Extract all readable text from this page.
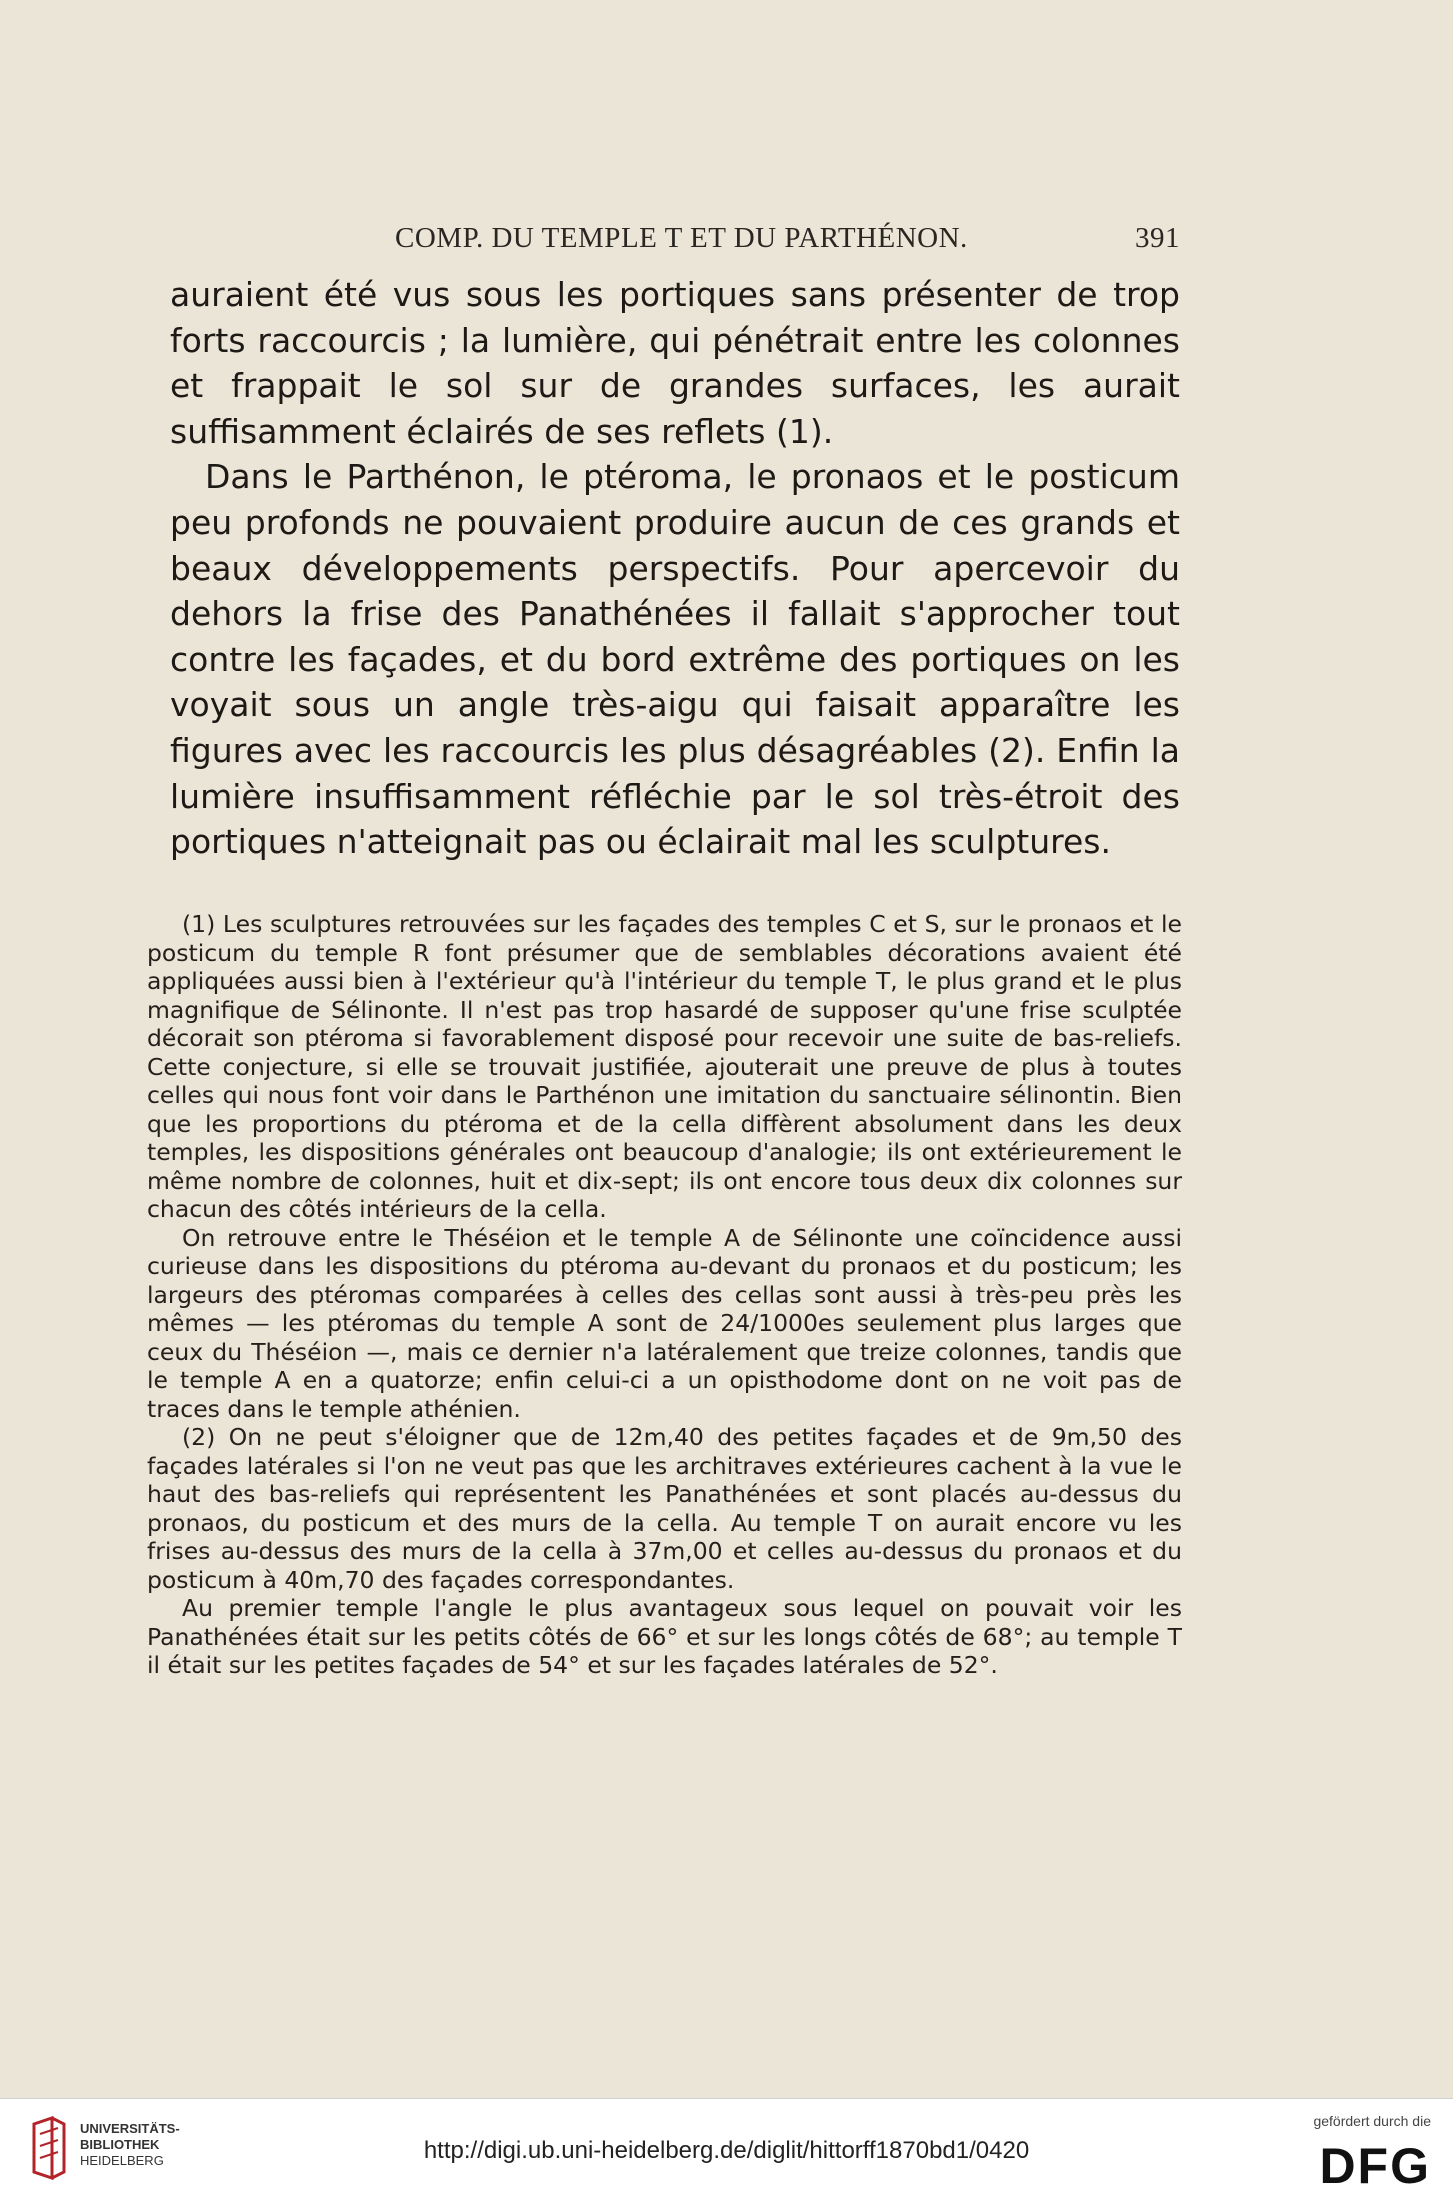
COMP. DU TEMPLE T ET DU PARTHÉNON.	391

auraient été vus sous les portiques sans présenter de trop forts raccourcis ; la lumière, qui pénétrait entre les colonnes et frappait le sol sur de grandes surfaces, les aurait suffisamment éclairés de ses reflets (1).

Dans le Parthénon, le ptéroma, le pronaos et le posticum peu profonds ne pouvaient produire aucun de ces grands et beaux développements perspectifs. Pour apercevoir du dehors la frise des Panathénées il fallait s'approcher tout contre les façades, et du bord extrême des portiques on les voyait sous un angle très-aigu qui faisait apparaître les figures avec les raccourcis les plus désagréables (2). Enfin la lumière insuffisamment réfléchie par le sol très-étroit des portiques n'atteignait pas ou éclairait mal les sculptures.

(1) Les sculptures retrouvées sur les façades des temples C et S, sur le pronaos et le posticum du temple R font présumer que de semblables décorations avaient été appliquées aussi bien à l'extérieur qu'à l'intérieur du temple T, le plus grand et le plus magnifique de Sélinonte. Il n'est pas trop hasardé de supposer qu'une frise sculptée décorait son ptéroma si favorablement disposé pour recevoir une suite de bas-reliefs. Cette conjecture, si elle se trouvait justifiée, ajouterait une preuve de plus à toutes celles qui nous font voir dans le Parthénon une imitation du sanctuaire sélinontin. Bien que les proportions du ptéroma et de la cella diffèrent absolument dans les deux temples, les dispositions générales ont beaucoup d'analogie; ils ont extérieurement le même nombre de colonnes, huit et dix-sept; ils ont encore tous deux dix colonnes sur chacun des côtés intérieurs de la cella.

On retrouve entre le Théséion et le temple A de Sélinonte une coïncidence aussi curieuse dans les dispositions du ptéroma au-devant du pronaos et du posticum; les largeurs des ptéromas comparées à celles des cellas sont aussi à très-peu près les mêmes — les ptéromas du temple A sont de 24/1000es seulement plus larges que ceux du Théséion —, mais ce dernier n'a latéralement que treize colonnes, tandis que le temple A en a quatorze; enfin celui-ci a un opisthodome dont on ne voit pas de traces dans le temple athénien.

(2) On ne peut s'éloigner que de 12m,40 des petites façades et de 9m,50 des façades latérales si l'on ne veut pas que les architraves extérieures cachent à la vue le haut des bas-reliefs qui représentent les Panathénées et sont placés au-dessus du pronaos, du posticum et des murs de la cella. Au temple T on aurait encore vu les frises au-dessus des murs de la cella à 37m,00 et celles au-dessus du pronaos et du posticum à 40m,70 des façades correspondantes.

Au premier temple l'angle le plus avantageux sous lequel on pouvait voir les Panathénées était sur les petits côtés de 66° et sur les longs côtés de 68°; au temple T il était sur les petites façades de 54° et sur les façades latérales de 52°.

UNIVERSITÄTS-
BIBLIOTHEK
HEIDELBERG	http://digi.ub.uni-heidelberg.de/diglit/hittorff1870bd1/0420
gefördert durch die
DFG
